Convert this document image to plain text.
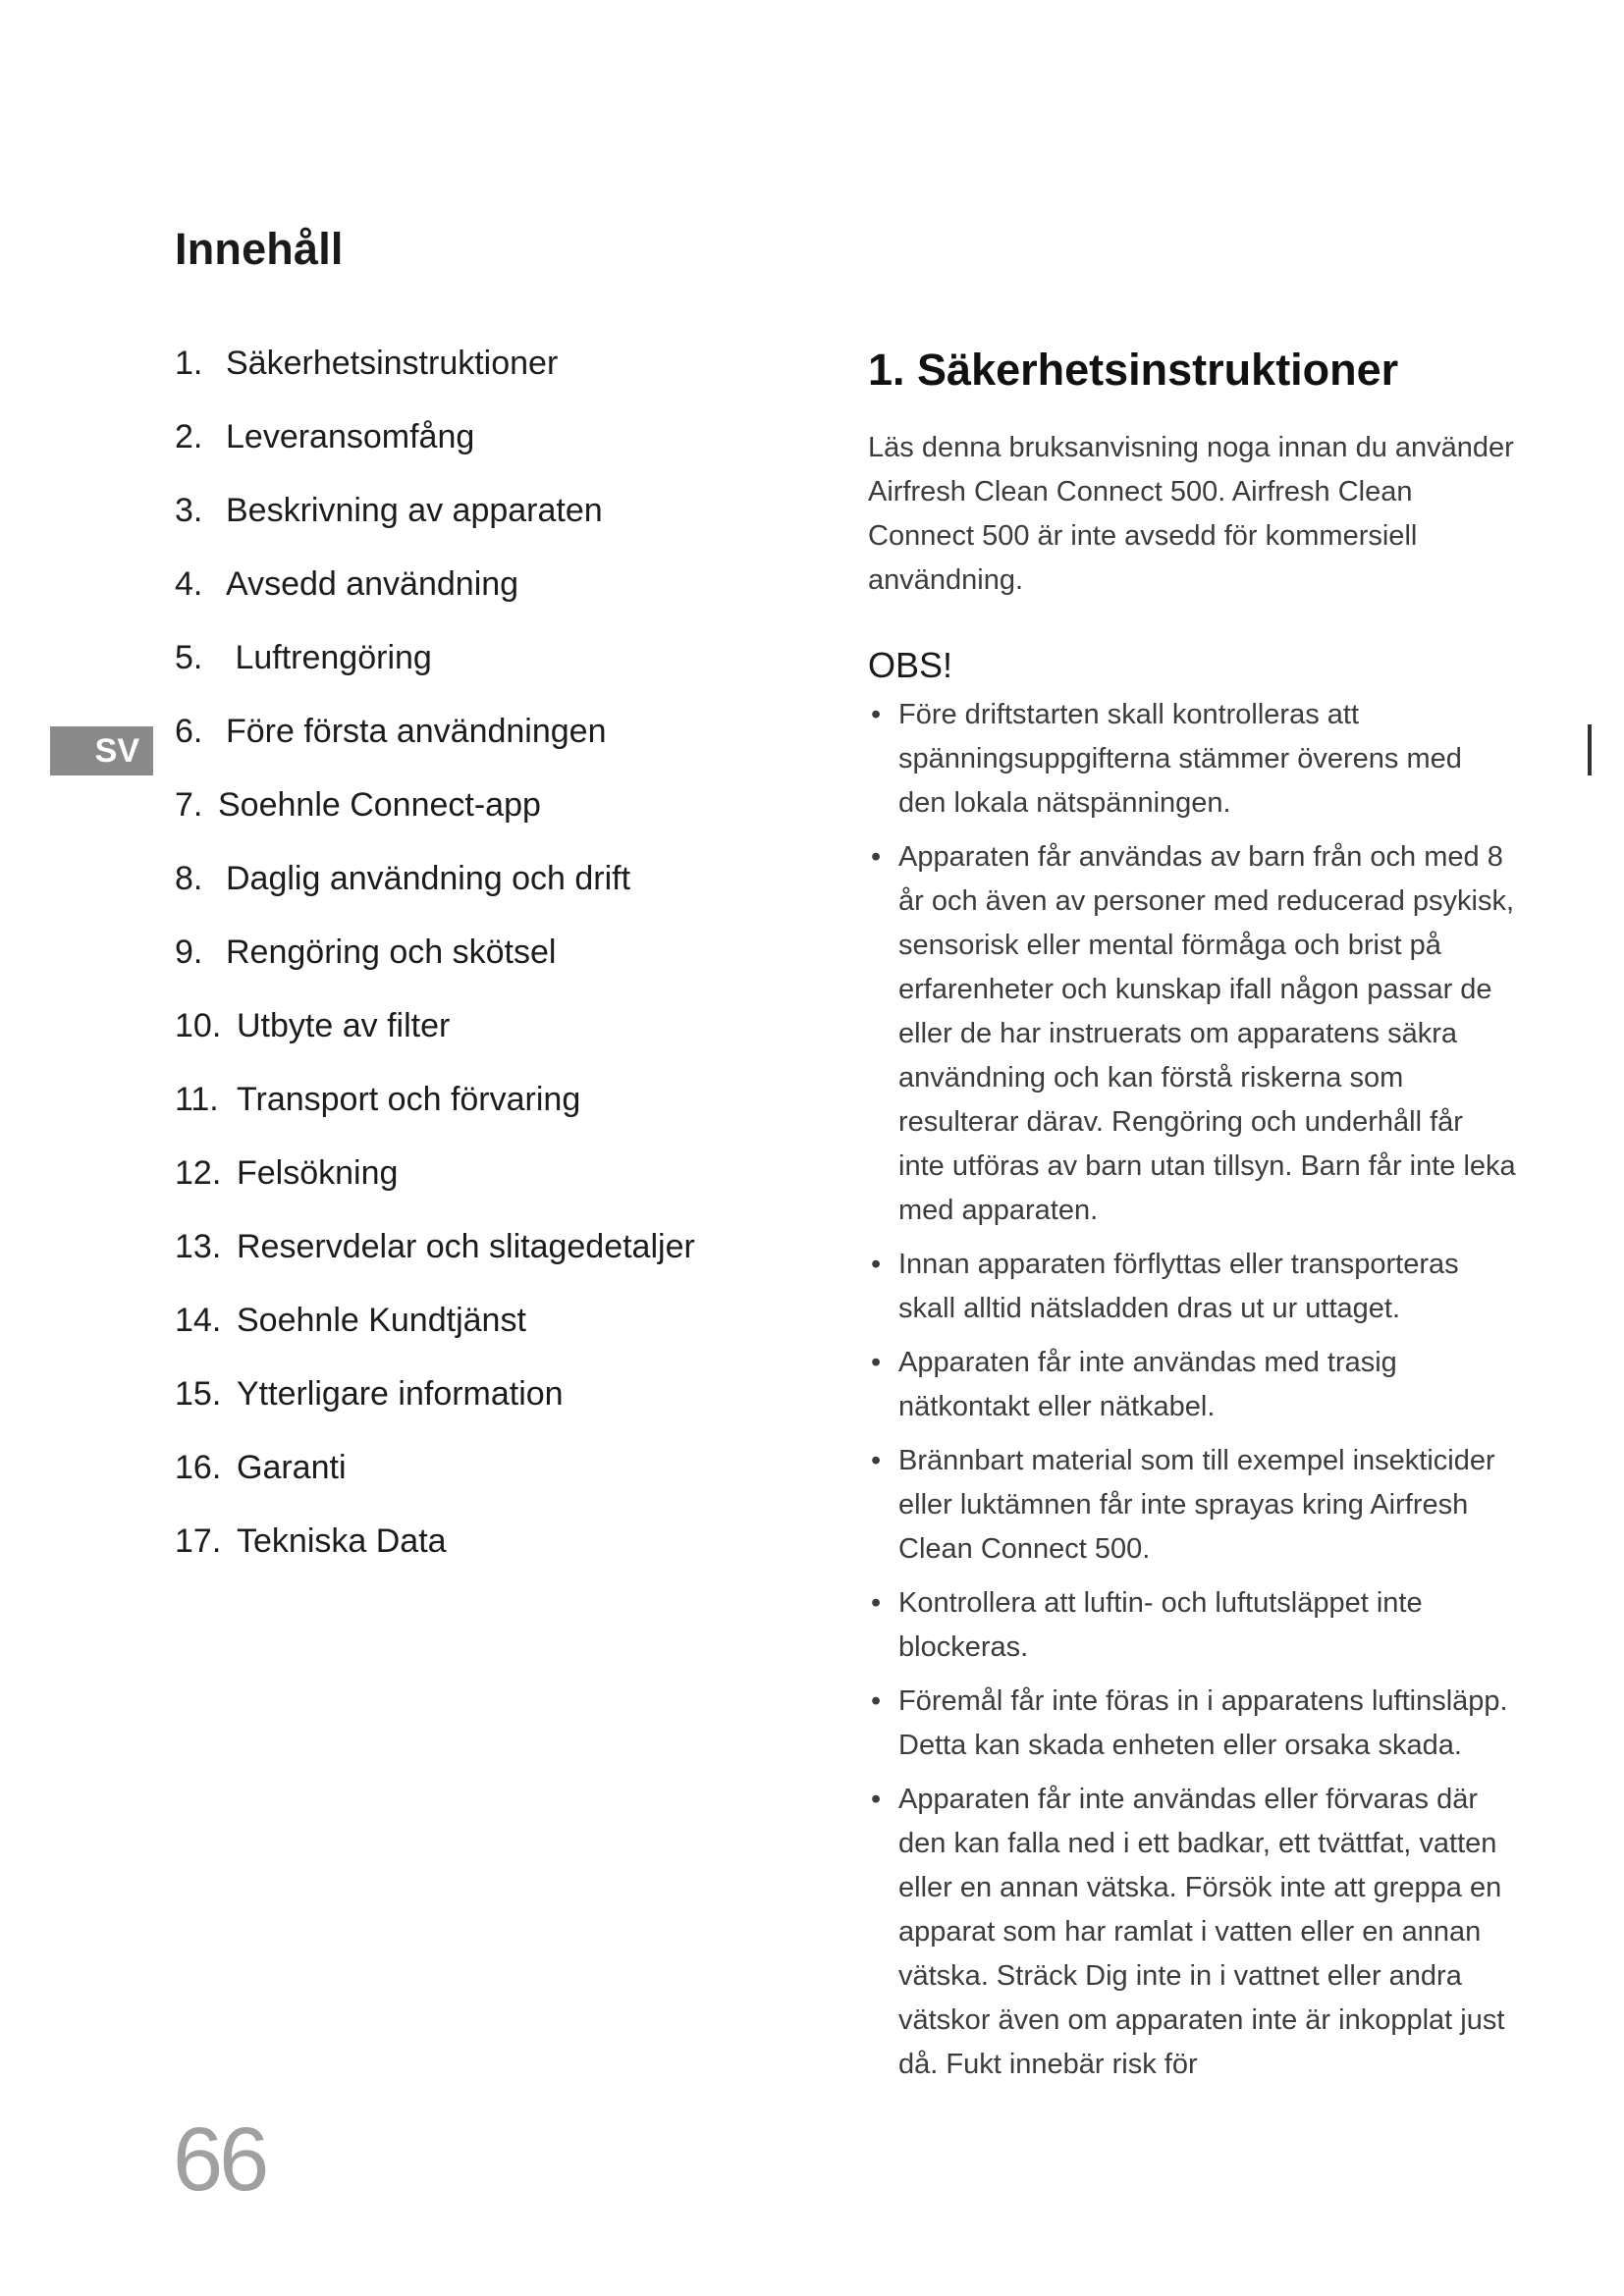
Innehåll
1. Säkerhetsinstruktioner
2. Leveransomfång
3. Beskrivning av apparaten
4. Avsedd användning
5. Luftrengöring
6. Före första användningen
7. Soehnle Connect-app
8. Daglig användning och drift
9. Rengöring och skötsel
10. Utbyte av filter
11. Transport och förvaring
12. Felsökning
13. Reservdelar och slitagedetaljer
14. Soehnle Kundtjänst
15. Ytterligare information
16. Garanti
17. Tekniska Data
SV
1. Säkerhetsinstruktioner

Läs denna bruksanvisning noga innan du använder Airfresh Clean Connect 500. Airfresh Clean Connect 500 är inte avsedd för kommersiell användning.

OBS!
• Före driftstarten skall kontrolleras att spänningsuppgifterna stämmer överens med den lokala nätspänningen.
• Apparaten får användas av barn från och med 8 år och även av personer med reducerad psykisk, sensorisk eller mental förmåga och brist på erfarenheter och kunskap ifall någon passar de eller de har instruerats om apparatens säkra användning och kan förstå riskerna som resulterar därav. Rengöring och underhåll får inte utföras av barn utan tillsyn. Barn får inte leka med apparaten.
• Innan apparaten förflyttas eller transporteras skall alltid nätsladden dras ut ur uttaget.
• Apparaten får inte användas med trasig nätkontakt eller nätkabel.
• Brännbart material som till exempel insekticider eller luktämnen får inte sprayas kring Airfresh Clean Connect 500.
• Kontrollera att luftin- och luftutsläppet inte blockeras.
• Föremål får inte föras in i apparatens luftinsläpp. Detta kan skada enheten eller orsaka skada.
• Apparaten får inte användas eller förvaras där den kan falla ned i ett badkar, ett tvättfat, vatten eller en annan vätska. Försök inte att greppa en apparat som har ramlat i vatten eller en annan vätska. Sträck Dig inte in i vattnet eller andra vätskor även om apparaten inte är inkopplat just då. Fukt innebär risk för
66
